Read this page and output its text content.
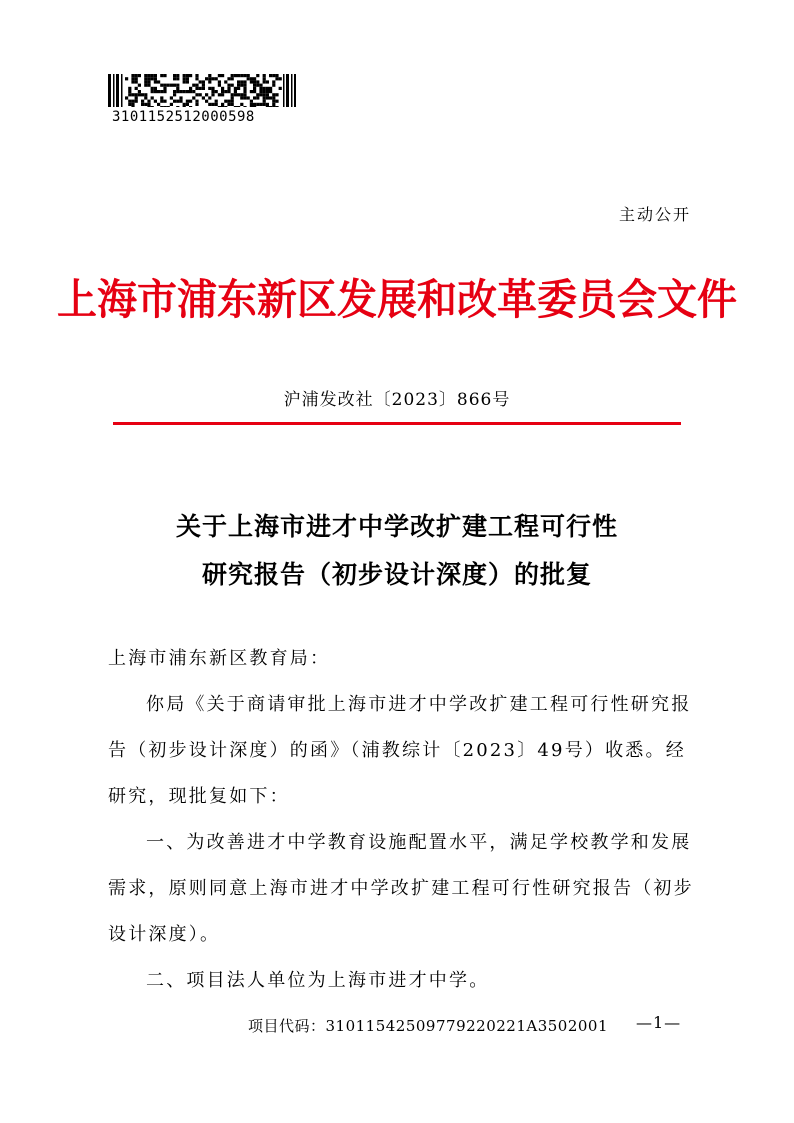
3101152512000598
主动公开
上海市浦东新区发展和改革委员会文件
沪浦发改社〔2023〕866号
关于上海市进才中学改扩建工程可行性
研究报告（初步设计深度）的批复

上海市浦东新区教育局：

你局《关于商请审批上海市进才中学改扩建工程可行性研究报告（初步设计深度）的函》（浦教综计〔2023〕49号）收悉。经研究，现批复如下：

一、为改善进才中学教育设施配置水平，满足学校教学和发展需求，原则同意上海市进才中学改扩建工程可行性研究报告（初步设计深度）。

二、项目法人单位为上海市进才中学。

项目代码：31011542509779220221A3502001 —1—
